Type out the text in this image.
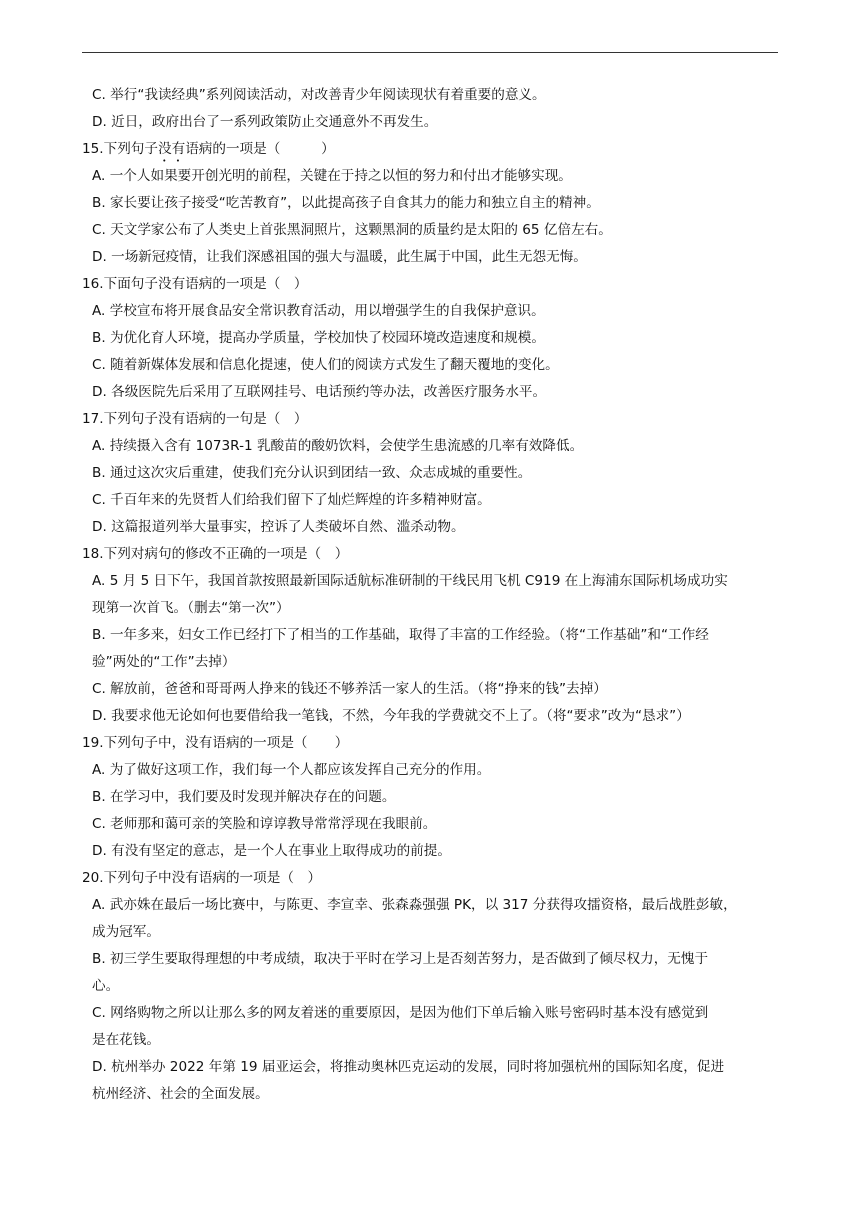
C. 举行“我读经典”系列阅读活动，对改善青少年阅读现状有着重要的意义。
D. 近日，政府出台了一系列政策防止交通意外不再发生。
15.下列句子没有语病的一项是（　　　）
A. 一个人如果要开创光明的前程，关键在于持之以恒的努力和付出才能够实现。
B. 家长要让孩子接受“吃苦教育”，以此提高孩子自食其力的能力和独立自主的精神。
C. 天文学家公布了人类史上首张黑洞照片，这颗黑洞的质量约是太阳的 65 亿倍左右。
D. 一场新冠疫情，让我们深感祖国的强大与温暖，此生属于中国，此生无怨无悔。
16.下面句子没有语病的一项是（　）
A. 学校宣布将开展食品安全常识教育活动，用以增强学生的自我保护意识。
B. 为优化育人环境，提高办学质量，学校加快了校园环境改造速度和规模。
C. 随着新媒体发展和信息化提速，使人们的阅读方式发生了翻天覆地的变化。
D. 各级医院先后采用了互联网挂号、电话预约等办法，改善医疗服务水平。
17.下列句子没有语病的一句是（　）
A. 持续摄入含有 1073R-1 乳酸苗的酸奶饮料，会使学生患流感的几率有效降低。
B. 通过这次灾后重建，使我们充分认识到团结一致、众志成城的重要性。
C. 千百年来的先贤哲人们给我们留下了灿烂辉煌的许多精神财富。
D. 这篇报道列举大量事实，控诉了人类破坏自然、滥杀动物。
18.下列对病句的修改不正确的一项是（　）
A. 5 月 5 日下午，我国首款按照最新国际适航标准研制的干线民用飞机 C919 在上海浦东国际机场成功实
现第一次首飞。（删去“第一次”）
B. 一年多来，妇女工作已经打下了相当的工作基础，取得了丰富的工作经验。（将“工作基础”和“工作经
验”两处的“工作”去掉）
C. 解放前，爸爸和哥哥两人挣来的钱还不够养活一家人的生活。（将“挣来的钱”去掉）
D. 我要求他无论如何也要借给我一笔钱，不然，今年我的学费就交不上了。（将“要求”改为“恳求”）
19.下列句子中，没有语病的一项是（　　）
A. 为了做好这项工作，我们每一个人都应该发挥自己充分的作用。
B. 在学习中，我们要及时发现并解决存在的问题。
C. 老师那和蔼可亲的笑脸和谆谆教导常常浮现在我眼前。
D. 有没有坚定的意志，是一个人在事业上取得成功的前提。
20.下列句子中没有语病的一项是（　）
A. 武亦姝在最后一场比赛中，与陈更、李宣幸、张森淼强强 PK，以 317 分获得攻擂资格，最后战胜彭敏，
成为冠军。
B. 初三学生要取得理想的中考成绩，取决于平时在学习上是否刻苦努力，是否做到了倾尽权力，无愧于
心。
C. 网络购物之所以让那么多的网友着迷的重要原因，是因为他们下单后输入账号密码时基本没有感觉到
是在花钱。
D. 杭州举办 2022 年第 19 届亚运会，将推动奥林匹克运动的发展，同时将加强杭州的国际知名度，促进
杭州经济、社会的全面发展。
